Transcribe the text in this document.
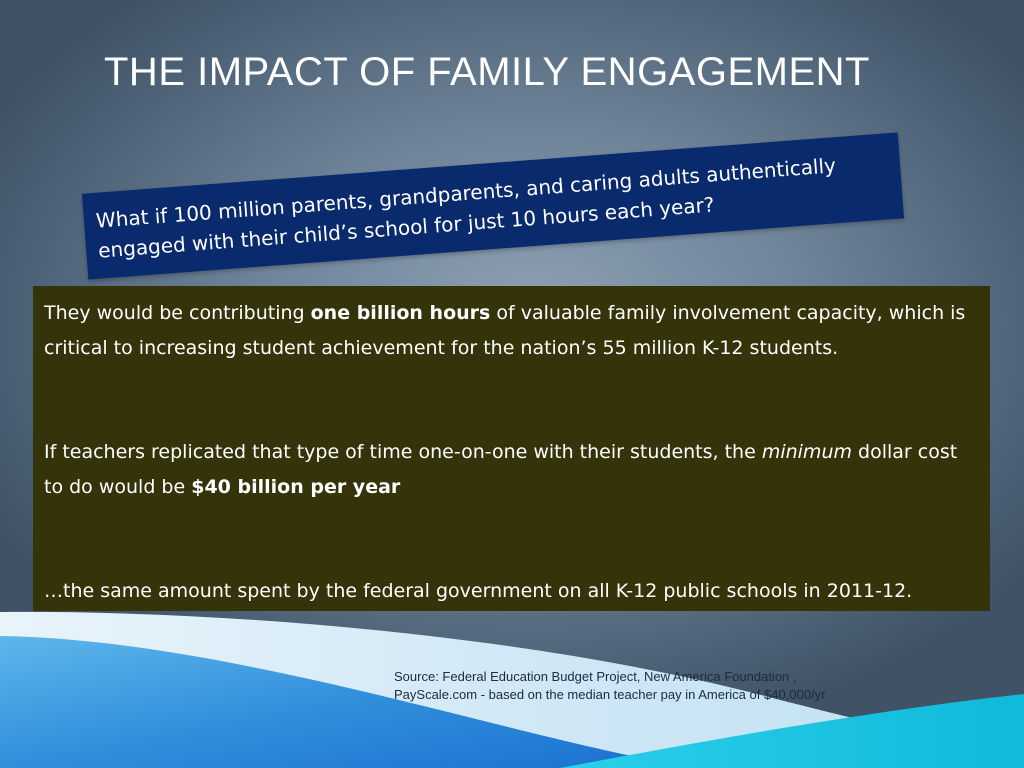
THE IMPACT OF FAMILY ENGAGEMENT
What if 100 million parents, grandparents, and caring adults authentically engaged with their child’s school for just 10 hours each year?

They would be contributing one billion hours of valuable family involvement capacity, which is critical to increasing student achievement for the nation’s 55 million K-12 students.

If teachers replicated that type of time one-on-one with their students, the minimum dollar cost to do would be $40 billion per year

…the same amount spent by the federal government on all K-12 public schools in 2011-12.

Source: Federal Education Budget Project, New America Foundation ,
PayScale.com - based on the median teacher pay in America of $40,000/yr
